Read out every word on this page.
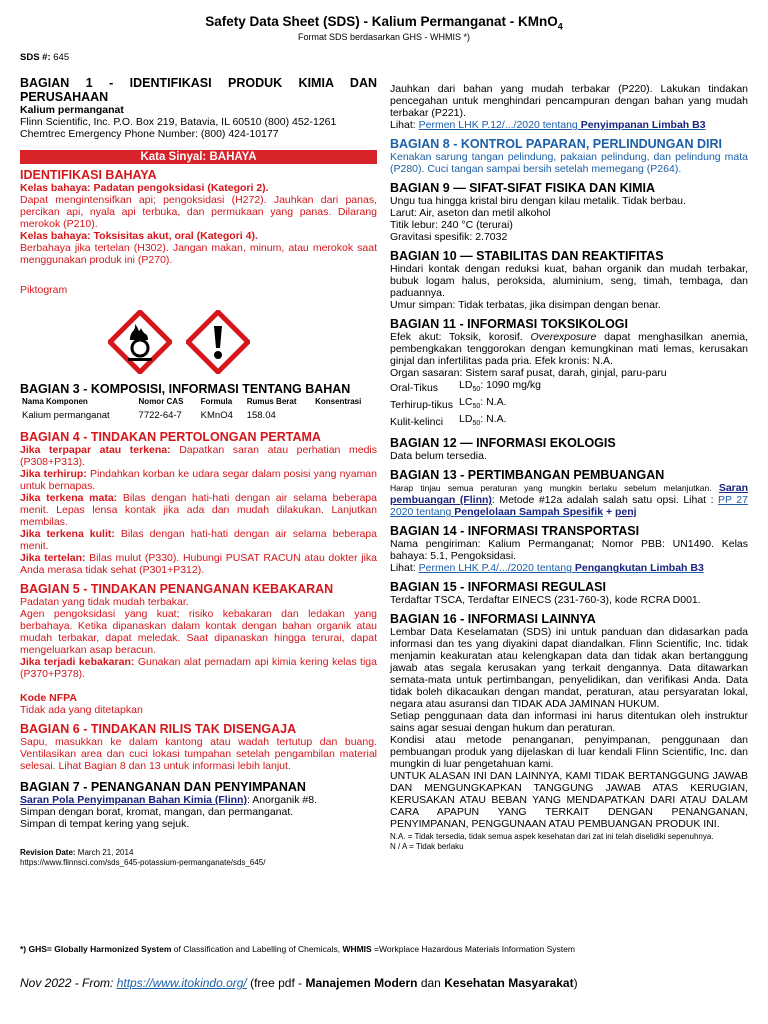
Safety Data Sheet (SDS) - Kalium Permanganat - KMnO$_4$
Format SDS berdasarkan GHS - WHMIS *)
SDS #: 645
BAGIAN 1 - IDENTIFIKASI PRODUK KIMIA DAN PERUSAHAAN
Kalium permanganat
Flinn Scientific, Inc. P.O. Box 219, Batavia, IL 60510 (800) 452-1261
Chemtrec Emergency Phone Number: (800) 424-10177
Kata Sinyal: BAHAYA
IDENTIFIKASI BAHAYA
Kelas bahaya: Padatan pengoksidasi (Kategori 2).
Dapat mengintensifkan api; pengoksidasi (H272). Jauhkan dari panas, percikan api, nyala api terbuka, dan permukaan yang panas. Dilarang merokok (P210).
Kelas bahaya: Toksisitas akut, oral (Kategori 4).
Berbahaya jika tertelan (H302). Jangan makan, minum, atau merokok saat menggunakan produk ini (P270).
Piktogram
BAGIAN 3 - KOMPOSISI, INFORMASI TENTANG BAHAN
Nama Komponen	Nomor CAS	Formula	Rumus Berat	Konsentrasi
Kalium permanganat	7722-64-7	KMnO4	158.04	
BAGIAN 4 - TINDAKAN PERTOLONGAN PERTAMA
Jika terpapar atau terkena: Dapatkan saran atau perhatian medis (P308+P313).
Jika terhirup: Pindahkan korban ke udara segar dalam posisi yang nyaman untuk bernapas.
Jika terkena mata: Bilas dengan hati-hati dengan air selama beberapa menit. Lepas lensa kontak jika ada dan mudah dilakukan. Lanjutkan membilas.
Jika terkena kulit: Bilas dengan hati-hati dengan air selama beberapa menit.
Jika tertelan: Bilas mulut (P330). Hubungi PUSAT RACUN atau dokter jika Anda merasa tidak sehat (P301+P312).
BAGIAN 5 - TINDAKAN PENANGANAN KEBAKARAN
Padatan yang tidak mudah terbakar.
Agen pengoksidasi yang kuat; risiko kebakaran dan ledakan yang berbahaya. Ketika dipanaskan dalam kontak dengan bahan organik atau mudah terbakar, dapat meledak. Saat dipanaskan hingga terurai, dapat mengeluarkan asap beracun.
Jika terjadi kebakaran: Gunakan alat pemadam api kimia kering kelas tiga (P370+P378).
Kode NFPA
Tidak ada yang ditetapkan
BAGIAN 6 - TINDAKAN RILIS TAK DISENGAJA
Sapu, masukkan ke dalam kantong atau wadah tertutup dan buang. Ventilasikan area dan cuci lokasi tumpahan setelah pengambilan material selesai. Lihat Bagian 8 dan 13 untuk informasi lebih lanjut.
BAGIAN 7 - PENANGANAN DAN PENYIMPANAN
Saran Pola Penyimpanan Bahan Kimia (Flinn): Anorganik #8.
Simpan dengan borat, kromat, mangan, dan permanganat.
Simpan di tempat kering yang sejuk.
Revision Date: March 21, 2014
https://www.flinnsci.com/sds_645-potassium-permanganate/sds_645/
Jauhkan dari bahan yang mudah terbakar (P220). Lakukan tindakan pencegahan untuk menghindari pencampuran dengan bahan yang mudah terbakar (P221).
Lihat: Permen LHK P.12/.../2020 tentang Penyimpanan Limbah B3
BAGIAN 8 - KONTROL PAPARAN, PERLINDUNGAN DIRI
Kenakan sarung tangan pelindung, pakaian pelindung, dan pelindung mata (P280). Cuci tangan sampai bersih setelah memegang (P264).
BAGIAN 9 — SIFAT-SIFAT FISIKA DAN KIMIA
Ungu tua hingga kristal biru dengan kilau metalik. Tidak berbau.
Larut: Air, aseton dan metil alkohol
Titik lebur: 240 °C (terurai)
Gravitasi spesifik: 2.7032
BAGIAN 10 — STABILITAS DAN REAKTIFITAS
Hindari kontak dengan reduksi kuat, bahan organik dan mudah terbakar, bubuk logam halus, peroksida, aluminium, seng, timah, tembaga, dan paduannya.
Umur simpan: Tidak terbatas, jika disimpan dengan benar.
BAGIAN 11 - INFORMASI TOKSIKOLOGI
Efek akut: Toksik, korosif. Overexposure dapat menghasilkan anemia, pembengkakan tenggorokan dengan kemungkinan mati lemas, kerusakan ginjal dan infertilitas pada pria. Efek kronis: N.A.
Organ sasaran: Sistem saraf pusat, darah, ginjal, paru-paru
Oral-Tikus	$LD_{50}$: 1090 mg/kg
Terhirup-tikus	$LC_{50}$: N.A.
Kulit-kelinci	$LD_{50}$: N.A.
BAGIAN 12 — INFORMASI EKOLOGIS
Data belum tersedia.
BAGIAN 13 - PERTIMBANGAN PEMBUANGAN
Harap tinjau semua peraturan yang mungkin berlaku sebelum melanjutkan. Saran pembuangan (Flinn): Metode #12a adalah salah satu opsi. Lihat : PP 27 2020 tentang Pengelolaan Sampah Spesifik + penj
BAGIAN 14 - INFORMASI TRANSPORTASI
Nama pengiriman: Kalium Permanganat; Nomor PBB: UN1490. Kelas bahaya: 5.1, Pengoksidasi.
Lihat: Permen LHK P.4/.../2020 tentang Pengangkutan Limbah B3
BAGIAN 15 - INFORMASI REGULASI
Terdaftar TSCA, Terdaftar EINECS (231-760-3), kode RCRA D001.
BAGIAN 16 - INFORMASI LAINNYA
Lembar Data Keselamatan (SDS) ini untuk panduan dan didasarkan pada informasi dan tes yang diyakini dapat diandalkan. Flinn Scientific, Inc. tidak menjamin keakuratan atau kelengkapan data dan tidak akan bertanggung jawab atas segala kerusakan yang terkait dengannya. Data ditawarkan semata-mata untuk pertimbangan, penyelidikan, dan verifikasi Anda. Data tidak boleh dikacaukan dengan mandat, peraturan, atau persyaratan lokal, negara atau asuransi dan TIDAK ADA JAMINAN HUKUM.
Setiap penggunaan data dan informasi ini harus ditentukan oleh instruktur sains agar sesuai dengan hukum dan peraturan.
Kondisi atau metode penanganan, penyimpanan, penggunaan dan pembuangan produk yang dijelaskan di luar kendali Flinn Scientific, Inc. dan mungkin di luar pengetahuan kami.
UNTUK ALASAN INI DAN LAINNYA, KAMI TIDAK BERTANGGUNG JAWAB DAN MENGUNGKAPKAN TANGGUNG JAWAB ATAS KERUGIAN, KERUSAKAN ATAU BEBAN YANG MENDAPATKAN DARI ATAU DALAM CARA APAPUN YANG TERKAIT DENGAN PENANGANAN, PENYIMPANAN, PENGGUNAAN ATAU PEMBUANGAN PRODUK INI.
N.A. = Tidak tersedia, tidak semua aspek kesehatan dari zat ini telah diselidiki sepenuhnya.
N / A = Tidak berlaku
*) GHS= Globally Harmonized System of Classification and Labelling of Chemicals, WHMIS =Workplace Hazardous Materials Information System
Nov 2022 - From: https://www.itokindo.org/ (free pdf - Manajemen Modern dan Kesehatan Masyarakat)
